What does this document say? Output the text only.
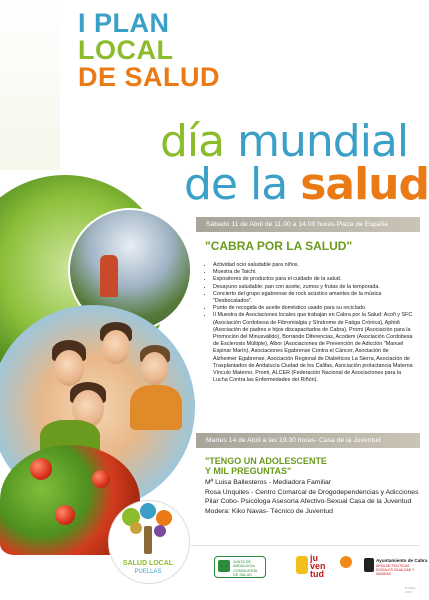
I PLAN
LOCAL
DE SALUD
día mundial
de la salud
SALUD LOCAL
PUELLAS
Sábado 11 de Abril de 11.00 a 14.00 horas-Plaza de España
"CABRA POR LA SALUD"
• Actividad ocio saludable para niños.
• Muestra de Taichi.
• Expositores de productos para el cuidado de la salud.
• Desayuno saludable: pan con aceite, zumos y frutas de la temporada.
• Concierto del grupo egabrense de rock acústico amantes de la música "Desbocalados".
• Punto de recogida de aceite doméstico usado para su reciclado.
• II Muestra de Asociaciones locales que trabajan en Cabra por la Salud: Acofi y SFC (Asociación Cordobesa de Fibromialgia y Síndrome de Fatiga Crónica), Aphidi (Asociación de padres e hijos discapacitados de Cabra), Promi (Asociación para la Promoción del Minusválido), Borrando Diferencias, Acodem (Asociación Cordobesa de Esclerosis Múltiple), Albor (Asociaciones de Prevención de Adicción "Manuel Espinar Marín), Asociaciones Egabrense Contra el Cáncer, Asociación de Alzheimer Egabrense, Asociación Regional de Diabéticos La Sierra, Asociación de Trasplantados de Andalucía Ciudad de los Califas, Asociación prolactancia Materna Vínculo Materno, Promi, ALCER (Federación Nacional de Asociaciones para la Lucha Contra las Enfermedades del Riñón).
Martes 14 de Abril a las 19.30 horas- Casa de la Juventud
"TENGO UN ADOLESCENTE
Y MIL PREGUNTAS"
Mª Luisa Ballesteros - Mediadora Familiar
Rosa Unquiles - Centro Comarcal de Drogodependencias y Adicciones
Pilar Cobo- Psicóloga Asesoría Afectivo-Sexual Casa de la Juventud
Modera: Kiko Navas- Técnico de Juventud
JUNTA DE ANDALUCIA CONSEJERÍA DE SALUD
ju ven tud
Ayuntamiento de Cabra
ÁREA DE POLÍTICAS SOCIALES IGUALDAD Y SANIDAD
DT0001-2009
